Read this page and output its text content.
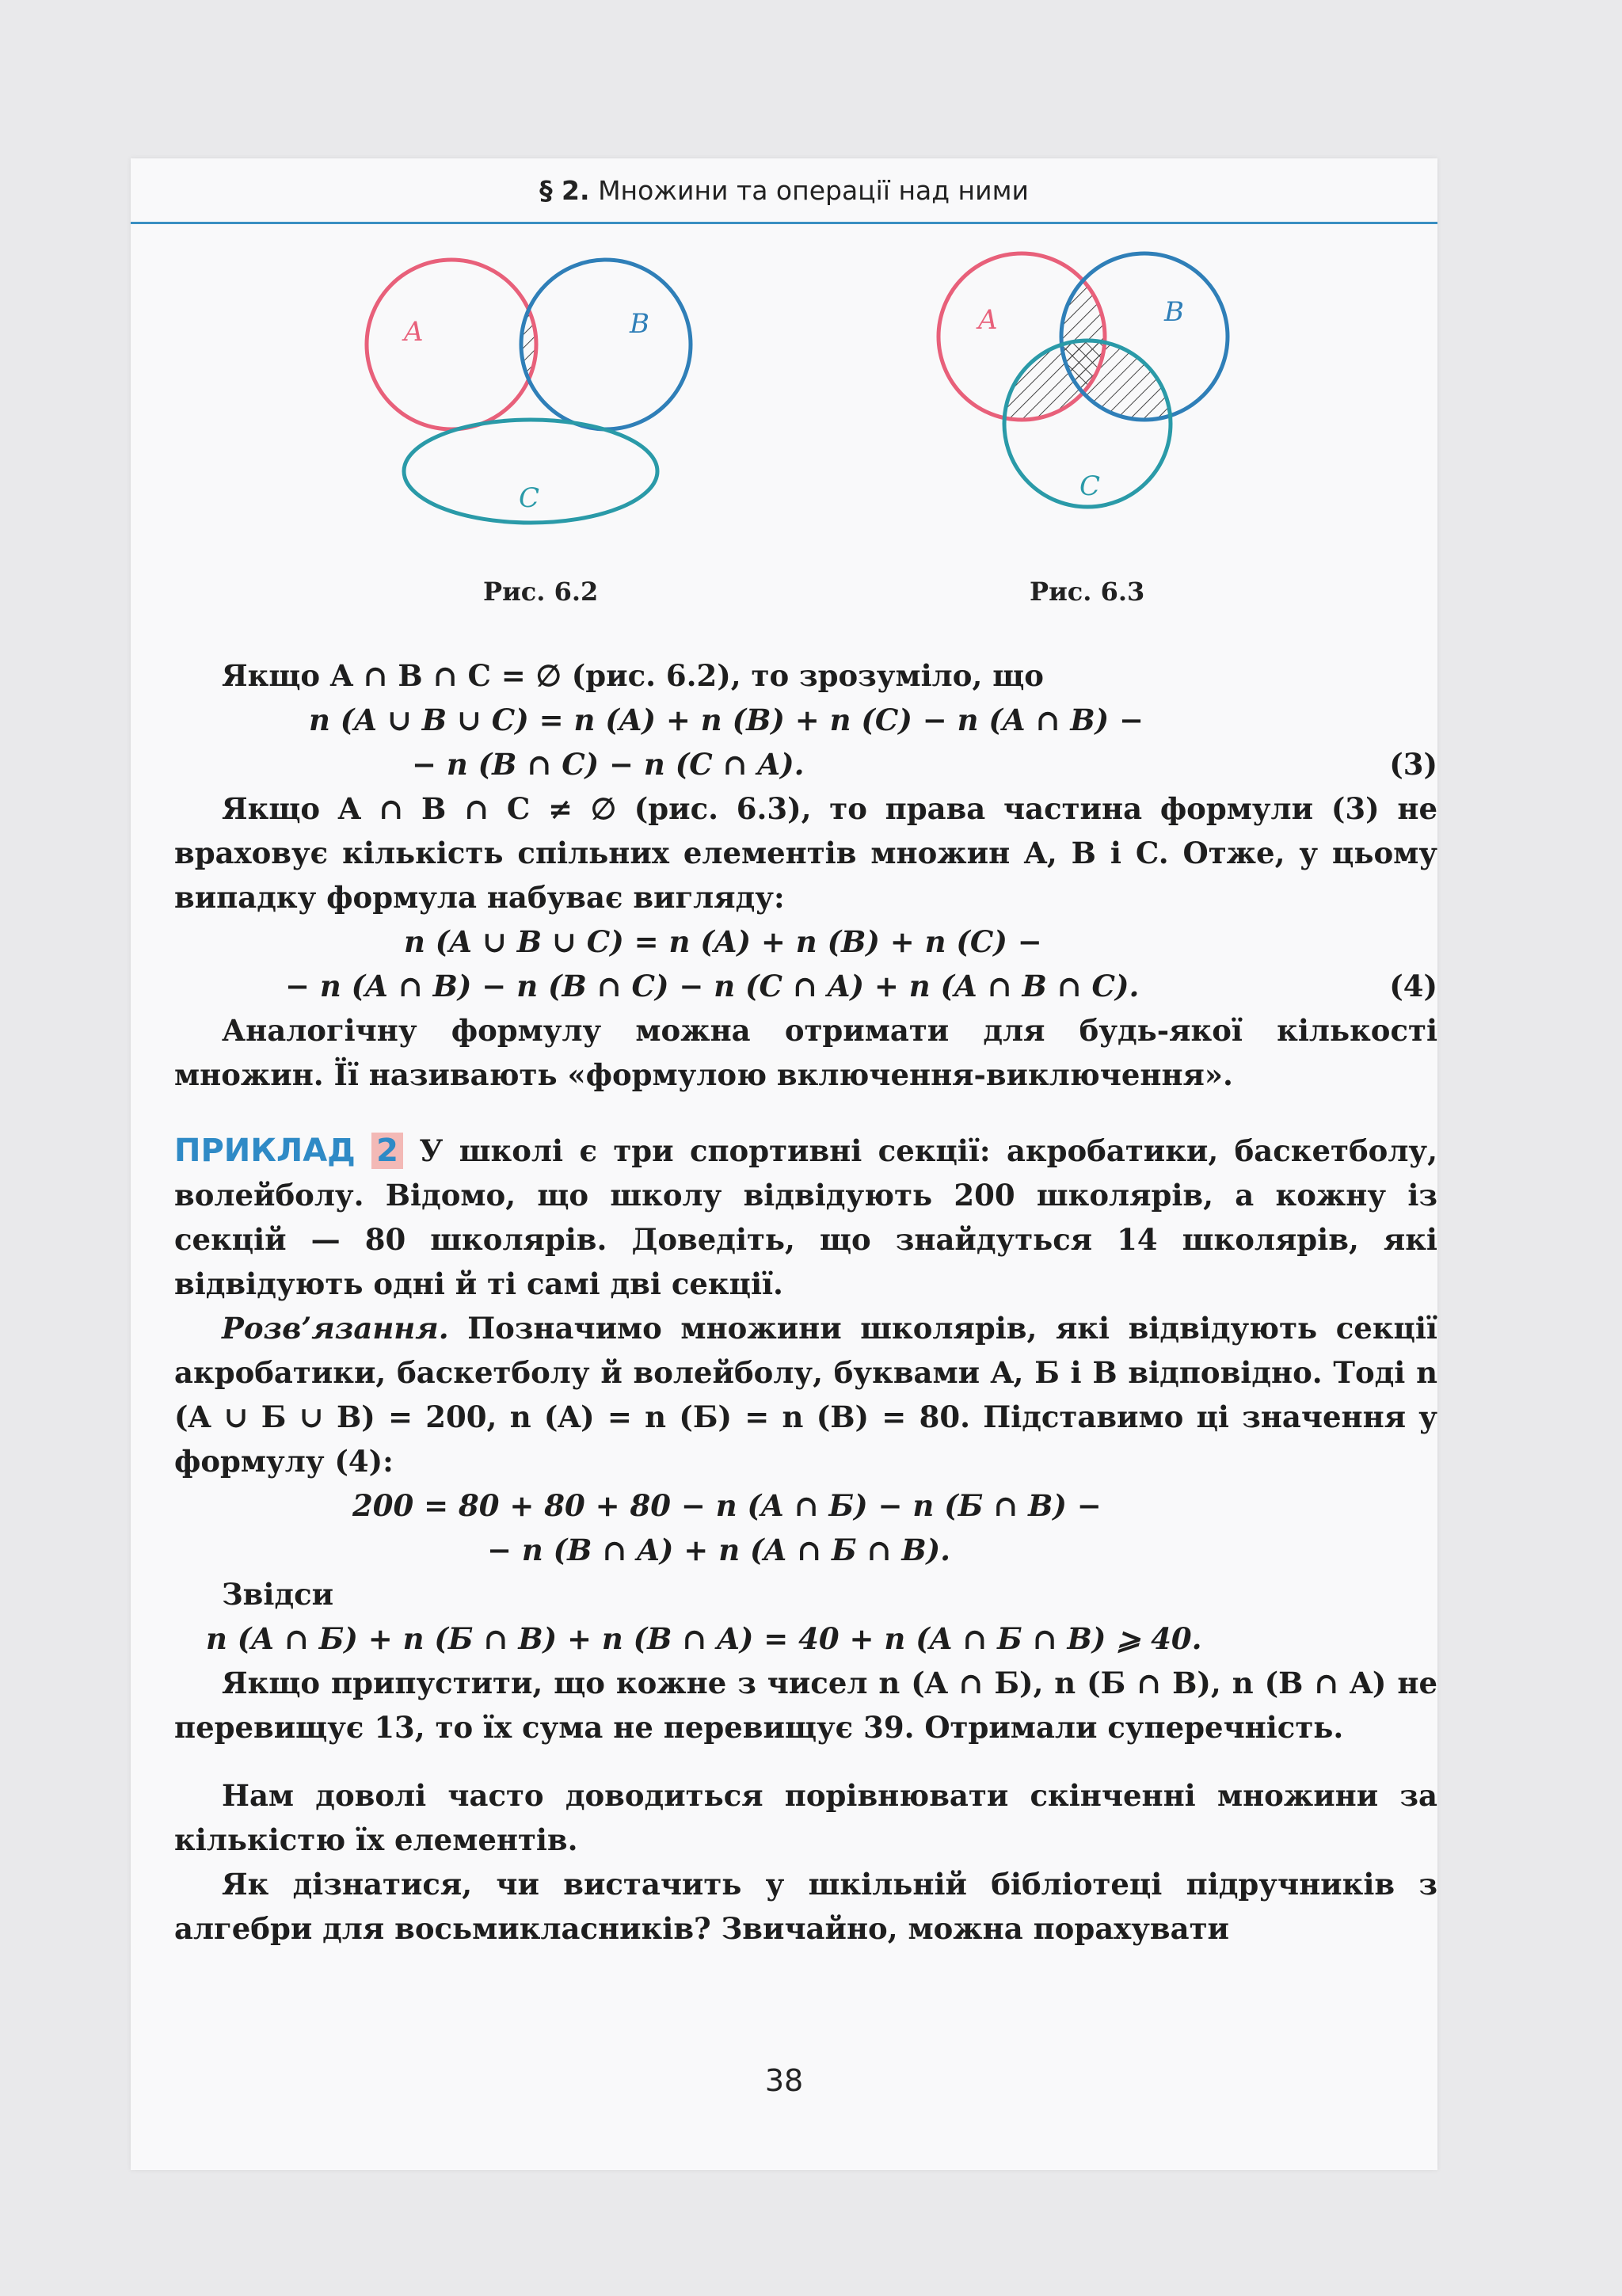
§ 2. Множини та операції над ними
A	B
C
Рис. 6.2
A	B
C
Рис. 6.3
Якщо A ∩ B ∩ C = ∅ (рис. 6.2), то зрозуміло, що
n (A ∪ B ∪ C) = n (A) + n (B) + n (C) − n (A ∩ B) −
− n (B ∩ C) − n (C ∩ A).	(3)
Якщо A ∩ B ∩ C ≠ ∅ (рис. 6.3), то права частина формули (3) не враховує кількість спільних елементів множин A, B і C. Отже, у цьому випадку формула набуває вигляду:
n (A ∪ B ∪ C) = n (A) + n (B) + n (C) −
− n (A ∩ B) − n (B ∩ C) − n (C ∩ A) + n (A ∩ B ∩ C).	(4)
Аналогічну формулу можна отримати для будь-якої кількості множин. Її називають «формулою включення-виключення».
ПРИКЛАД 2 У школі є три спортивні секції: акробатики, баскетболу, волейболу. Відомо, що школу відвідують 200 школярів, а кожну із секцій — 80 школярів. Доведіть, що знайдуться 14 школярів, які відвідують одні й ті самі дві секції.
Розв’язання. Позначимо множини школярів, які відвідують секції акробатики, баскетболу й волейболу, буквами A, Б і В відповідно. Тоді n (A ∪ Б ∪ В) = 200, n (A) = n (Б) = n (В) = 80. Підставимо ці значення у формулу (4):
200 = 80 + 80 + 80 − n (A ∩ Б) − n (Б ∩ В) −
− n (В ∩ A) + n (A ∩ Б ∩ В).
Звідси
n (A ∩ Б) + n (Б ∩ В) + n (В ∩ A) = 40 + n (A ∩ Б ∩ В) ⩾ 40.
Якщо припустити, що кожне з чисел n (A ∩ Б), n (Б ∩ В), n (В ∩ A) не перевищує 13, то їх сума не перевищує 39. Отримали суперечність.
Нам доволі часто доводиться порівнювати скінченні множини за кількістю їх елементів.
Як дізнатися, чи вистачить у шкільній бібліотеці підручників з алгебри для восьмикласників? Звичайно, можна порахувати
38
